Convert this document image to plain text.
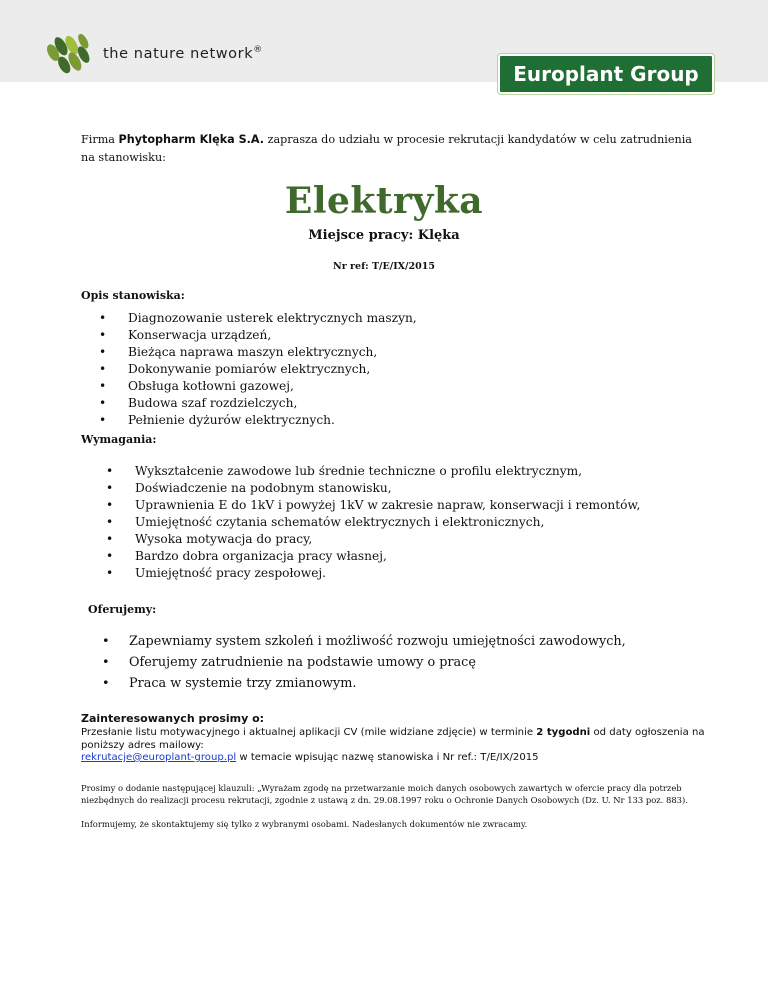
the nature network®
Europlant Group
Firma Phytopharm Klęka S.A. zaprasza do udziału w procesie rekrutacji kandydatów w celu zatrudnienia na stanowisku:
Elektryka
Miejsce pracy: Klęka
Nr ref: T/E/IX/2015
Opis stanowiska:
• Diagnozowanie usterek elektrycznych maszyn,
• Konserwacja urządzeń,
• Bieżąca naprawa maszyn elektrycznych,
• Dokonywanie pomiarów elektrycznych,
• Obsługa kotłowni gazowej,
• Budowa szaf rozdzielczych,
• Pełnienie dyżurów elektrycznych.
Wymagania:
• Wykształcenie zawodowe lub średnie techniczne o profilu elektrycznym,
• Doświadczenie na podobnym stanowisku,
• Uprawnienia E do 1kV i powyżej 1kV w zakresie napraw, konserwacji i remontów,
• Umiejętność czytania schematów elektrycznych i elektronicznych,
• Wysoka motywacja do pracy,
• Bardzo dobra organizacja pracy własnej,
• Umiejętność pracy zespołowej.
Oferujemy:
• Zapewniamy system szkoleń i możliwość rozwoju umiejętności zawodowych,
• Oferujemy zatrudnienie na podstawie umowy o pracę
• Praca w systemie trzy zmianowym.
Zainteresowanych prosimy o:
Przesłanie listu motywacyjnego i aktualnej aplikacji CV (mile widziane zdjęcie) w terminie 2 tygodni od daty ogłoszenia na poniższy adres mailowy:
rekrutacje@europlant-group.pl w temacie wpisując nazwę stanowiska i Nr ref.: T/E/IX/2015
Prosimy o dodanie następującej klauzuli: „Wyrażam zgodę na przetwarzanie moich danych osobowych zawartych w ofercie pracy dla potrzeb niezbędnych do realizacji procesu rekrutacji, zgodnie z ustawą z dn. 29.08.1997 roku o Ochronie Danych Osobowych (Dz. U. Nr 133 poz. 883).
Informujemy, że skontaktujemy się tylko z wybranymi osobami. Nadesłanych dokumentów nie zwracamy.
